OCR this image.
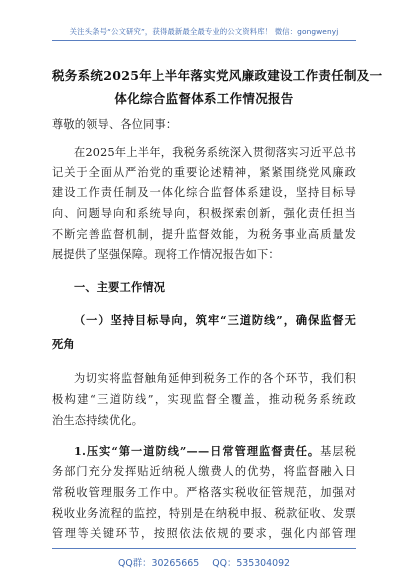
关注头条号“公文研究”，获得最新最全最专业的公文资料库！ 微信：gongwenyj
税务系统2025年上半年落实党风廉政建设工作责任制及一
体化综合监督体系工作情况报告
尊敬的领导、各位同事：
在2025年上半年，我税务系统深入贯彻落实习近平总书
记关于全面从严治党的重要论述精神，紧紧围绕党风廉政
建设工作责任制及一体化综合监督体系建设，坚持目标导
向、问题导向和系统导向，积极探索创新，强化责任担当
不断完善监督机制，提升监督效能，为税务事业高质量发
展提供了坚强保障。现将工作情况报告如下：
一、主要工作情况
（一）坚持目标导向，筑牢“三道防线”，确保监督无
死角
为切实将监督触角延伸到税务工作的各个环节，我们积
极构建“三道防线”，实现监督全覆盖，推动税务系统政
治生态持续优化。
1.压实“第一道防线”——日常管理监督责任。基层税
务部门充分发挥贴近纳税人缴费人的优势，将监督融入日
常税收管理服务工作中。严格落实税收征管规范，加强对
税收业务流程的监控，特别是在纳税申报、税款征收、发票
管理等关键环节，按照依法依规的要求，强化内部管理
QQ群：30265665 QQ：535304092
